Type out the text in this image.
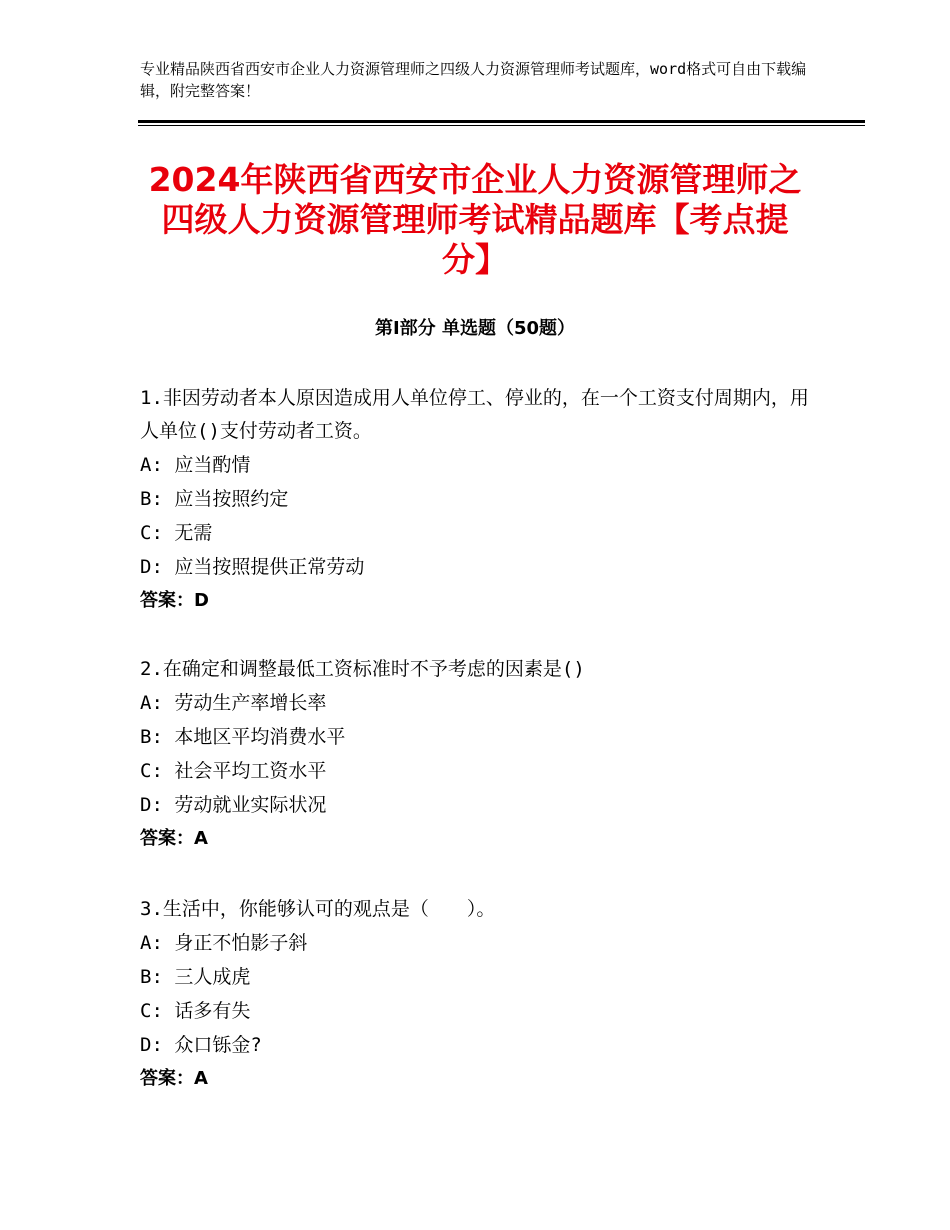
专业精品陕西省西安市企业人力资源管理师之四级人力资源管理师考试题库，word格式可自由下载编辑，附完整答案！
2024年陕西省西安市企业人力资源管理师之四级人力资源管理师考试精品题库【考点提分】
第Ⅰ部分 单选题（50题）

1.非因劳动者本人原因造成用人单位停工、停业的，在一个工资支付周期内，用人单位()支付劳动者工资。

A: 应当酌情

B: 应当按照约定

C: 无需

D: 应当按照提供正常劳动

答案：D

2.在确定和调整最低工资标准时不予考虑的因素是()

A: 劳动生产率增长率

B: 本地区平均消费水平

C: 社会平均工资水平

D: 劳动就业实际状况

答案：A

3.生活中，你能够认可的观点是（　　）。

A: 身正不怕影子斜

B: 三人成虎

C: 话多有失

D: 众口铄金?

答案：A
